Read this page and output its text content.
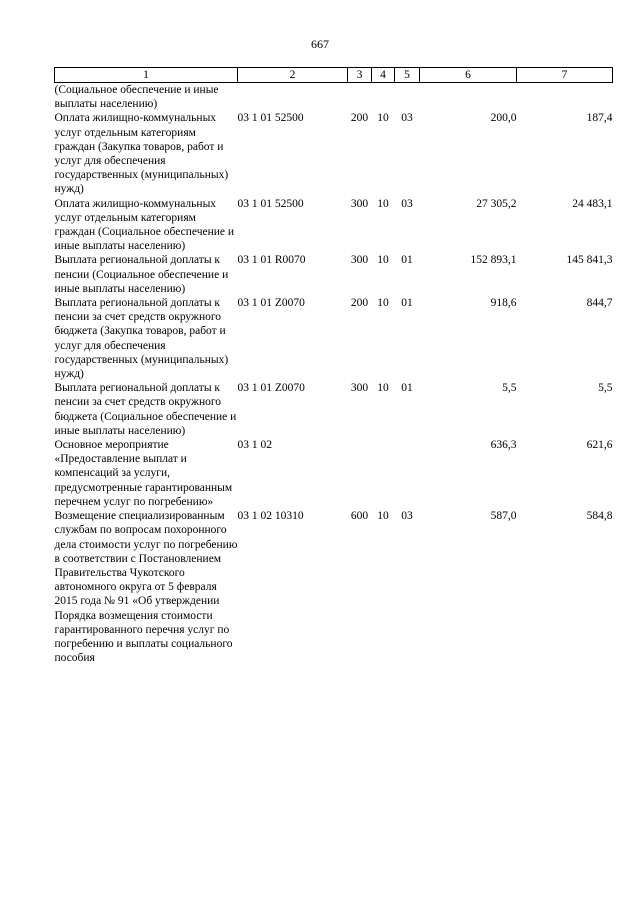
667
1	2	3	4	5	6	7
(Социальное обеспечение и иные выплаты населению)						
Оплата жилищно-коммунальных услуг отдельным категориям граждан (Закупка товаров, работ и услуг для обеспечения государственных (муниципальных) нужд)	03 1 01 52500	200	10	03	200,0	187,4
Оплата жилищно-коммунальных услуг отдельным категориям граждан (Социальное обеспечение и иные выплаты населению)	03 1 01 52500	300	10	03	27 305,2	24 483,1
Выплата региональной доплаты к пенсии (Социальное обеспечение и иные выплаты населению)	03 1 01 R0070	300	10	01	152 893,1	145 841,3
Выплата региональной доплаты к пенсии за счет средств окружного бюджета (Закупка товаров, работ и услуг для обеспечения государственных (муниципальных) нужд)	03 1 01 Z0070	200	10	01	918,6	844,7
Выплата региональной доплаты к пенсии за счет средств окружного бюджета (Социальное обеспечение и иные выплаты населению)	03 1 01 Z0070	300	10	01	5,5	5,5
Основное мероприятие «Предоставление выплат и компенсаций за услуги, предусмотренные гарантированным перечнем услуг по погребению»	03 1 02				636,3	621,6
Возмещение специализированным службам по вопросам похоронного дела стоимости услуг по погребению в соответствии с Постановлением Правительства Чукотского автономного округа от 5 февраля 2015 года № 91 «Об утверждении Порядка возмещения стоимости гарантированного перечня услуг по погребению и выплаты социального пособия	03 1 02 10310	600	10	03	587,0	584,8
